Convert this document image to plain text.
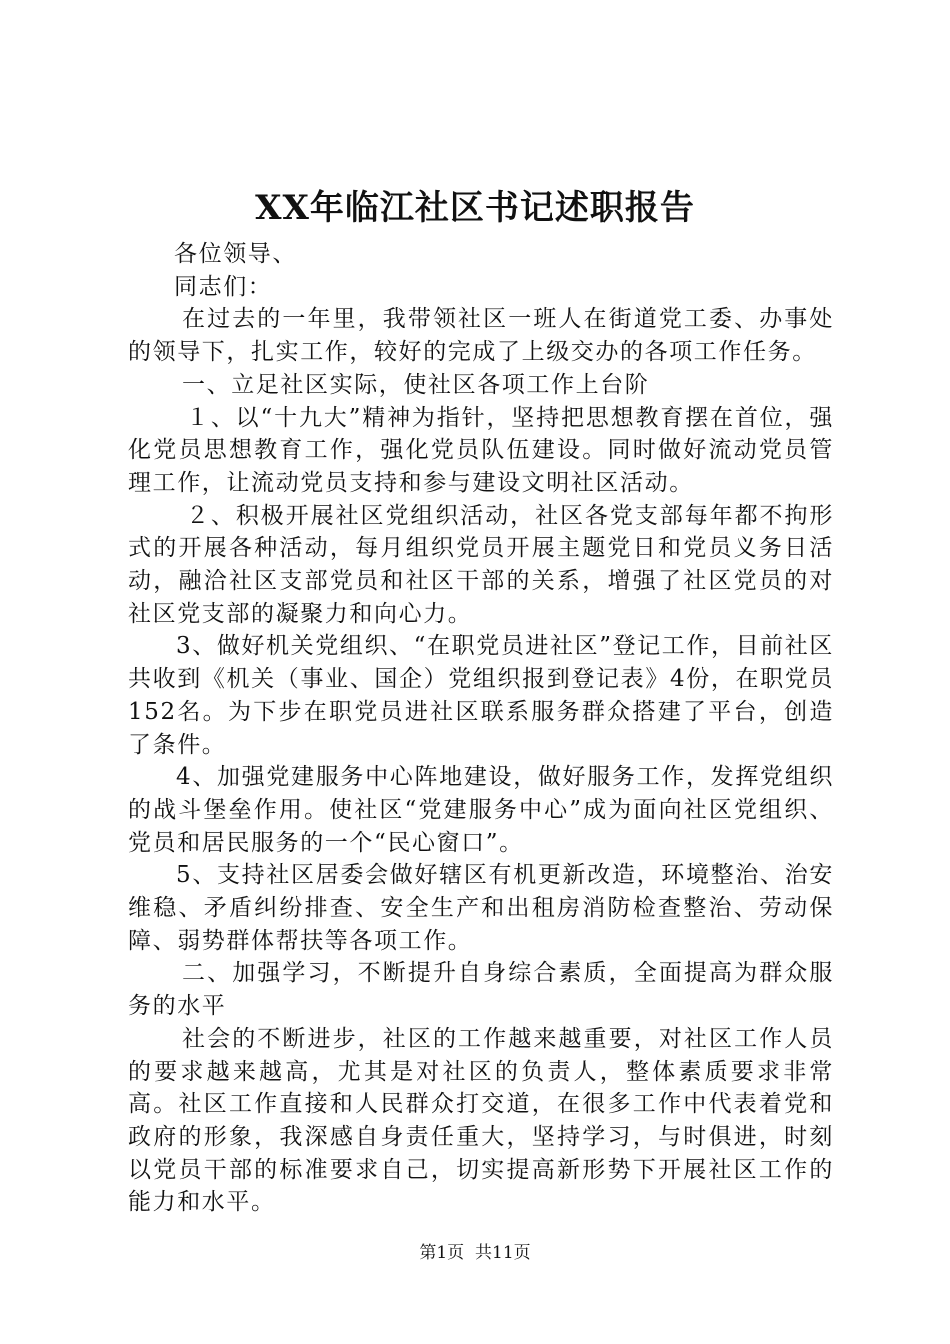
XX年临江社区书记述职报告

各位领导、

同志们：

在过去的一年里，我带领社区一班人在街道党工委、办事处的领导下，扎实工作，较好的完成了上级交办的各项工作任务。

一、立足社区实际，使社区各项工作上台阶

１、以“十九大”精神为指针，坚持把思想教育摆在首位，强化党员思想教育工作，强化党员队伍建设。同时做好流动党员管理工作，让流动党员支持和参与建设文明社区活动。

２、积极开展社区党组织活动，社区各党支部每年都不拘形式的开展各种活动，每月组织党员开展主题党日和党员义务日活动，融洽社区支部党员和社区干部的关系，增强了社区党员的对社区党支部的凝聚力和向心力。

3、做好机关党组织、“在职党员进社区”登记工作，目前社区共收到《机关（事业、国企）党组织报到登记表》4份，在职党员152名。为下步在职党员进社区联系服务群众搭建了平台，创造了条件。

4、加强党建服务中心阵地建设，做好服务工作，发挥党组织的战斗堡垒作用。使社区“党建服务中心”成为面向社区党组织、党员和居民服务的一个“民心窗口”。

5、支持社区居委会做好辖区有机更新改造，环境整治、治安维稳、矛盾纠纷排查、安全生产和出租房消防检查整治、劳动保障、弱势群体帮扶等各项工作。

二、加强学习，不断提升自身综合素质，全面提高为群众服务的水平

社会的不断进步，社区的工作越来越重要，对社区工作人员的要求越来越高，尤其是对社区的负责人，整体素质要求非常高。社区工作直接和人民群众打交道，在很多工作中代表着党和政府的形象，我深感自身责任重大，坚持学习，与时俱进，时刻以党员干部的标准要求自己，切实提高新形势下开展社区工作的能力和水平。

第1页 共11页
